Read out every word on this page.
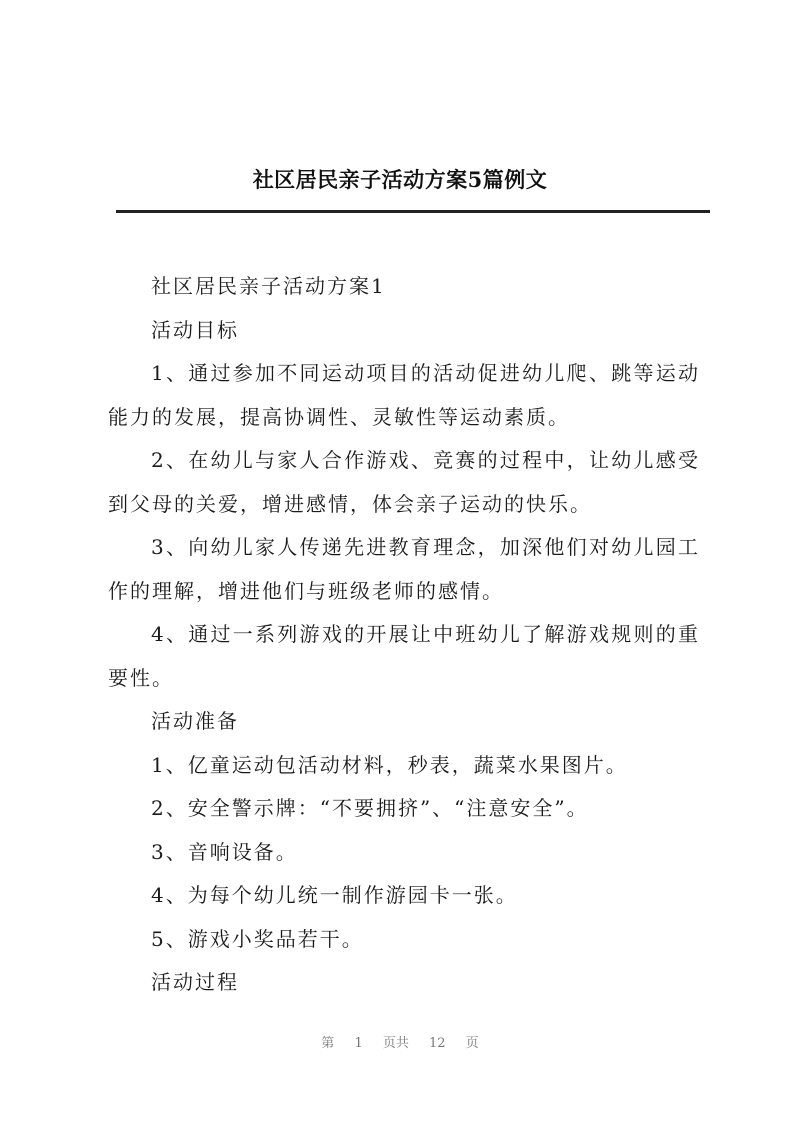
社区居民亲子活动方案5篇例文

社区居民亲子活动方案1

活动目标

1、通过参加不同运动项目的活动促进幼儿爬、跳等运动能力的发展，提高协调性、灵敏性等运动素质。

2、在幼儿与家人合作游戏、竞赛的过程中，让幼儿感受到父母的关爱，增进感情，体会亲子运动的快乐。

3、向幼儿家人传递先进教育理念，加深他们对幼儿园工作的理解，增进他们与班级老师的感情。

4、通过一系列游戏的开展让中班幼儿了解游戏规则的重要性。

活动准备

1、亿童运动包活动材料，秒表，蔬菜水果图片。

2、安全警示牌：“不要拥挤”、“注意安全”。

3、音响设备。

4、为每个幼儿统一制作游园卡一张。

5、游戏小奖品若干。

活动过程

第 1 页共 12 页
